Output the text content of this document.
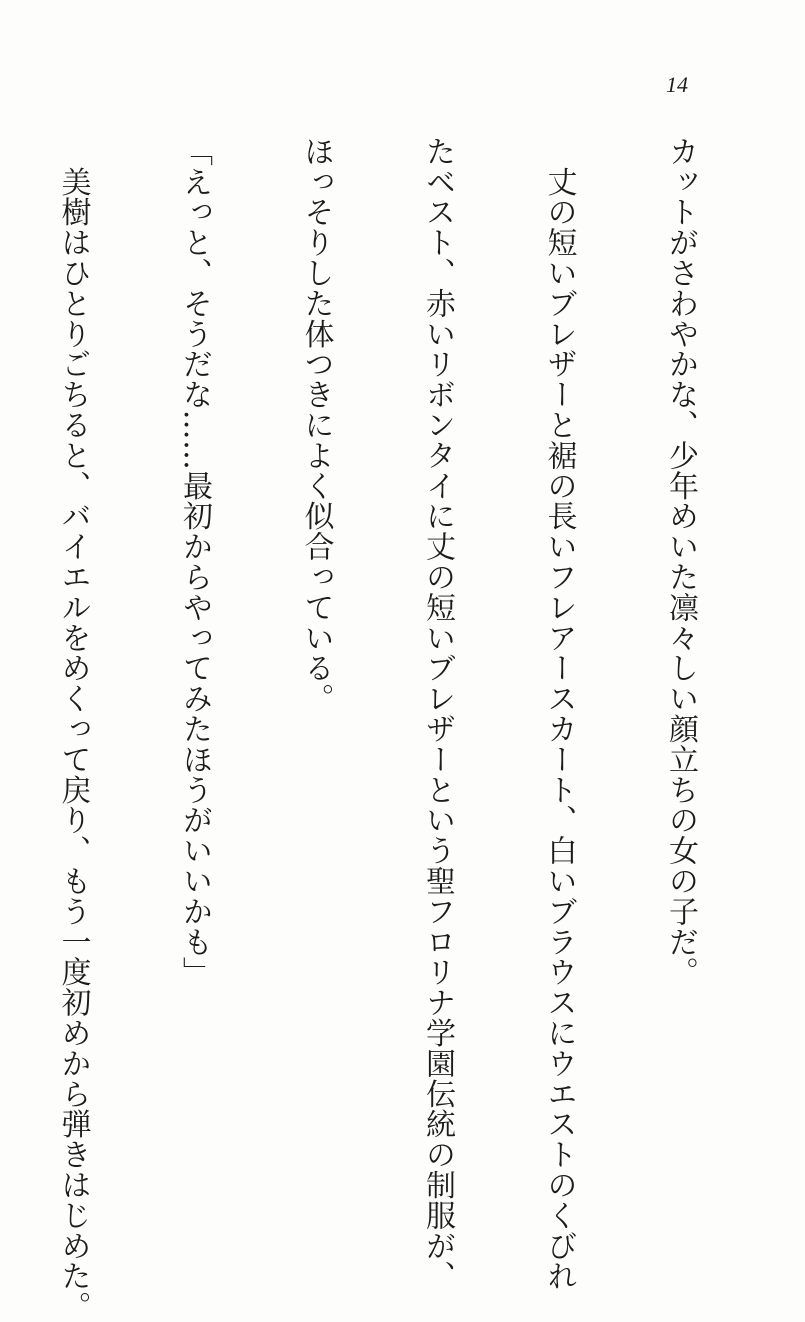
14

カットがさわやかな、少年めいた凛々しい顔立ちの女の子だ。

　丈の短いブレザーと裾の長いフレアースカート、白いブラウスにウエストのくびれ

たベスト、赤いリボンタイに丈の短いブレザーという聖フロリナ学園伝統の制服が、

ほっそりした体つきによく似合っている。

「えっと、そうだな……最初からやってみたほうがいいかも」

　美樹はひとりごちると、バイエルをめくって戻り、もう一度初めから弾きはじめた。
